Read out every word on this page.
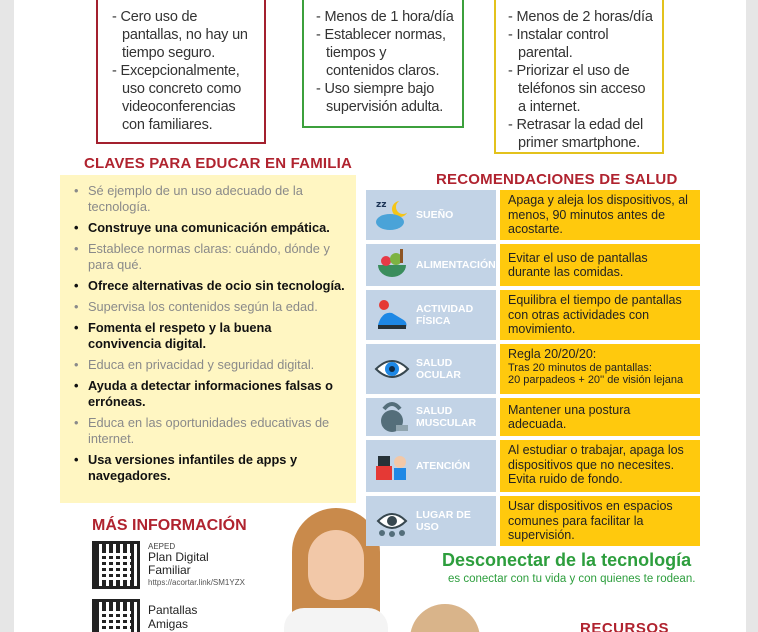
- Cero uso de pantallas, no hay un tiempo seguro.
- Excepcionalmente, uso concreto como videoconferencias con familiares.
- Menos de 1 hora/día
- Establecer normas, tiempos y contenidos claros.
- Uso siempre bajo supervisión adulta.
- Menos de 2 horas/día
- Instalar control parental.
- Priorizar el uso de teléfonos sin acceso a internet.
- Retrasar la edad del primer smartphone.
CLAVES PARA EDUCAR EN FAMILIA
• Sé ejemplo de un uso adecuado de la tecnología.
• Construye una comunicación empática.
• Establece normas claras: cuándo, dónde y para qué.
• Ofrece alternativas de ocio sin tecnología.
• Supervisa los contenidos según la edad.
• Fomenta el respeto y la buena convivencia digital.
• Educa en privacidad y seguridad digital.
• Ayuda a detectar informaciones falsas o erróneas.
• Educa en las oportunidades educativas de internet.
• Usa versiones infantiles de apps y navegadores.
MÁS INFORMACIÓN
AEPED
Plan Digital
Familiar
https://acortar.link/SM1YZX
Pantallas
Amigas
RECOMENDACIONES DE SALUD
zz
SUEÑO
Apaga y aleja los dispositivos, al menos, 90 minutos antes de acostarte.
ALIMENTACIÓN
Evitar el uso de pantallas durante las comidas.
ACTIVIDAD FÍSICA
Equilibra el tiempo de pantallas con otras actividades con movimiento.
SALUD OCULAR
Regla 20/20/20:
Tras 20 minutos de pantallas:
20 parpadeos + 20'' de visión lejana
SALUD MUSCULAR
Mantener una postura adecuada.
ATENCIÓN
Al estudiar o trabajar, apaga los dispositivos que no necesites. Evita ruido de fondo.
LUGAR DE USO
Usar dispositivos en espacios comunes para facilitar la supervisión.
Desconectar de la tecnología
es conectar con tu vida y con quienes te rodean.
RECURSOS
